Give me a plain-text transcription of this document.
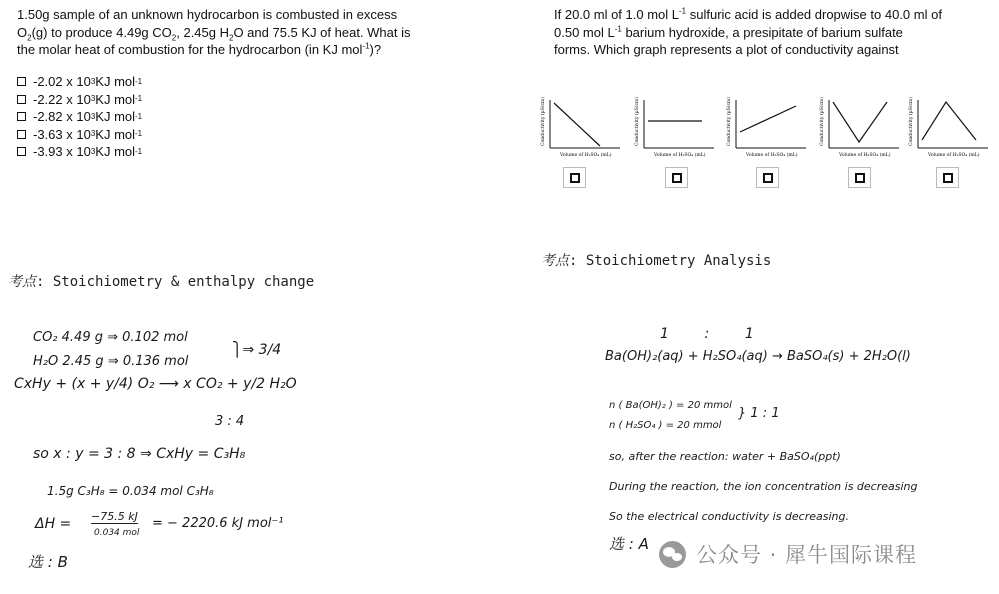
1.50g sample of an unknown hydrocarbon is combusted in excess
$O_2(g)$ to produce 4.49g $CO_2$, 2.45g $H_2O$ and 75.5 KJ of heat. What is
the molar heat of combustion for the hydrocarbon (in KJ mol$^{-1}$)?
-2.02 x 10 3 KJ mol -1
-2.22 x 10 3 KJ mol -1
-2.82 x 10 3 KJ mol -1
-3.63 x 10 3 KJ mol -1
-3.93 x 10 3 KJ mol -1
If 20.0 ml of 1.0 mol $L^{-1}$ sulfuric acid is added dropwise to 40.0 ml of
0.50 mol $L^{-1}$ barium hydroxide, a presipitate of barium sulfate
forms. Which graph represents a plot of conductivity against
Conductivity (μS/cm)
Volume of H₂SO₄ (mL)
Conductivity (μS/cm)
Volume of H₂SO₄ (mL)
Conductivity (μS/cm)
Volume of H₂SO₄ (mL)
Conductivity (μS/cm)
Volume of H₂SO₄ (mL)
Conductivity (μS/cm)
Volume of H₂SO₄ (mL)
考点: Stoichiometry & enthalpy change
CO₂ 4.49 g ⇒ 0.102 mol
⎫⇒ 3/4
H₂O 2.45 g ⇒ 0.136 mol
CxHy + (x + y/4) O₂ ⟶ x CO₂ + y/2 H₂O
3 : 4
so x : y = 3 : 8 ⇒ CxHy = C₃H₈
1.5g C₃H₈ = 0.034 mol C₃H₈
ΔH = −75.5 kJ
0.034 mol
= − 2220.6 kJ mol⁻¹
选 : B
考点: Stoichiometry Analysis
1        :        1
Ba(OH)₂(aq) + H₂SO₄(aq) → BaSO₄(s) + 2H₂O(l)
n ( Ba(OH)₂ ) = 20 mmol
n ( H₂SO₄ ) = 20 mmol
} 1 : 1
so, after the reaction: water + BaSO₄(ppt)
During the reaction, the ion concentration is decreasing
So the electrical conductivity is decreasing.
选 : A 公众号 · 犀牛国际课程
